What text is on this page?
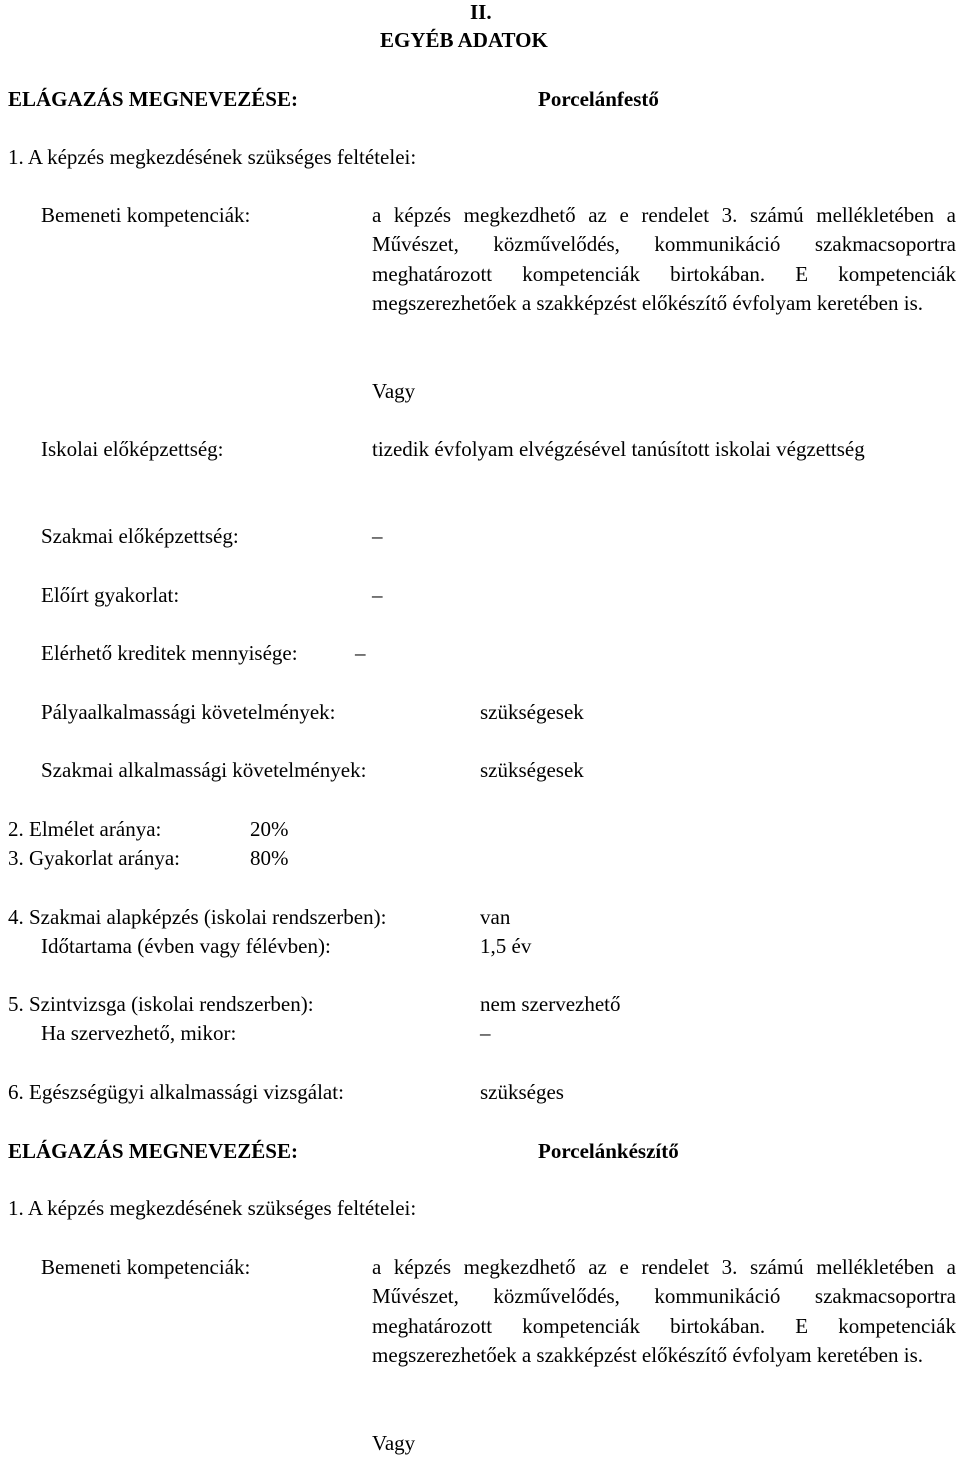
II.
EGYÉB ADATOK
ELÁGAZÁS MEGNEVEZÉSE:	Porcelánfestő
1. A képzés megkezdésének szükséges feltételei:
Bemeneti kompetenciák:	a képzés megkezdhető az e rendelet 3. számú mellékletében a Művészet, közművelődés, kommunikáció szakmacsoportra meghatározott kompetenciák birtokában. E kompetenciák megszerezhetőek a szakképzést előkészítő évfolyam keretében is.
Vagy
Iskolai előképzettség:	tizedik évfolyam elvégzésével tanúsított iskolai végzettség
Szakmai előképzettség:	–
Előírt gyakorlat:	–
Elérhető kreditek mennyisége:	–
Pályaalkalmassági követelmények:	szükségesek
Szakmai alkalmassági követelmények:	szükségesek
2. Elmélet aránya:	20%
3. Gyakorlat aránya:	80%
4. Szakmai alapképzés (iskolai rendszerben):	van
Időtartama (évben vagy félévben):	1,5 év
5. Szintvizsga (iskolai rendszerben):	nem szervezhető
Ha szervezhető, mikor:	–
6. Egészségügyi alkalmassági vizsgálat:	szükséges
ELÁGAZÁS MEGNEVEZÉSE:	Porcelánkészítő
1. A képzés megkezdésének szükséges feltételei:
Bemeneti kompetenciák:	a képzés megkezdhető az e rendelet 3. számú mellékletében a Művészet, közművelődés, kommunikáció szakmacsoportra meghatározott kompetenciák birtokában. E kompetenciák megszerezhetőek a szakképzést előkészítő évfolyam keretében is.
Vagy
